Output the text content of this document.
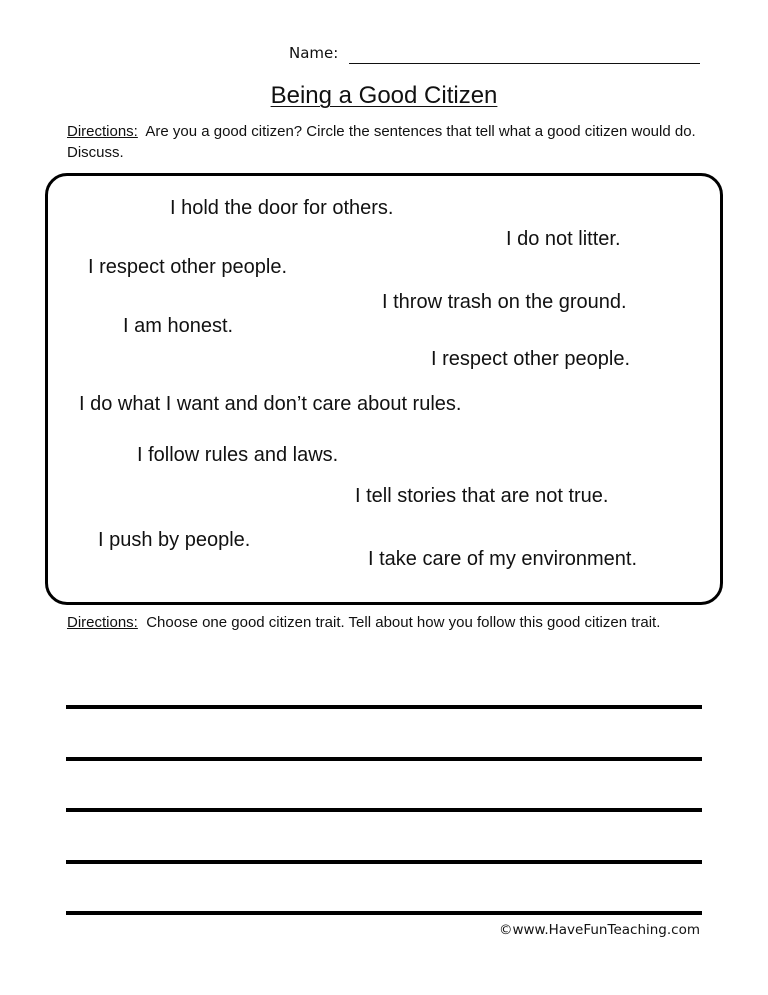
Name:
Being a Good Citizen
Directions: Are you a good citizen? Circle the sentences that tell what a good citizen would do. Discuss.
I hold the door for others.
I do not litter.
I respect other people.
I throw trash on the ground.
I am honest.
I respect other people.
I do what I want and don’t care about rules.
I follow rules and laws.
I tell stories that are not true.
I push by people.
I take care of my environment.
Directions: Choose one good citizen trait. Tell about how you follow this good citizen trait.
©www.HaveFunTeaching.com
